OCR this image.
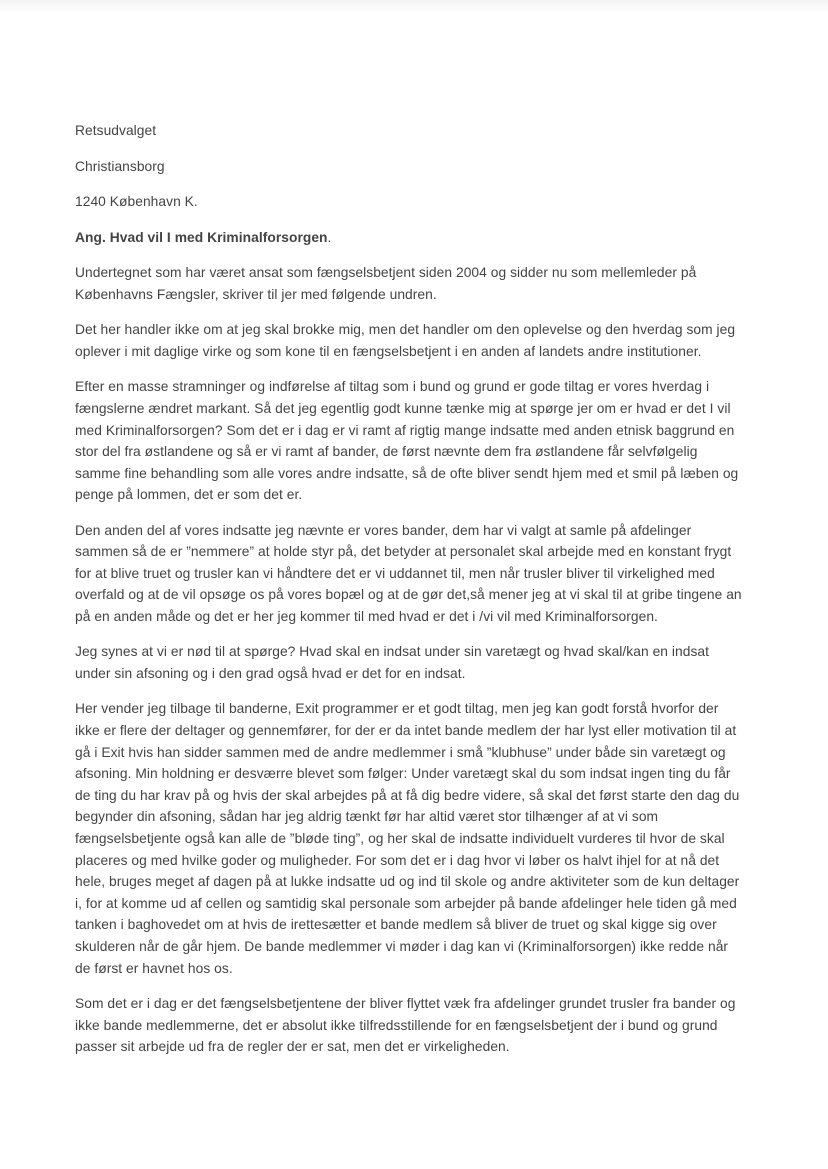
Retsudvalget
Christiansborg
1240 København K.
Ang. Hvad vil I med Kriminalforsorgen.
Undertegnet som har været ansat som fængselsbetjent siden 2004 og sidder nu som mellemleder på Københavns Fængsler, skriver til jer med følgende undren.
Det her handler ikke om at jeg skal brokke mig, men det handler om den oplevelse og den hverdag som jeg oplever i mit daglige virke og som kone til en fængselsbetjent i en anden af landets andre institutioner.
Efter en masse stramninger og indførelse af tiltag som i bund og grund er gode tiltag er vores hverdag i fængslerne ændret markant. Så det jeg egentlig godt kunne tænke mig at spørge jer om er hvad er det I vil med Kriminalforsorgen? Som det er i dag er vi ramt af rigtig mange indsatte med anden etnisk baggrund en stor del fra østlandene og så er vi ramt af bander, de først nævnte dem fra østlandene får selvfølgelig samme fine behandling som alle vores andre indsatte, så de ofte bliver sendt hjem med et smil på læben og penge på lommen, det er som det er.
Den anden del af vores indsatte jeg nævnte er vores bander, dem har vi valgt at samle på afdelinger sammen så de er ”nemmere” at holde styr på, det betyder at personalet skal arbejde med en konstant frygt for at blive truet og trusler kan vi håndtere det er vi uddannet til, men når trusler bliver til virkelighed med overfald og at de vil opsøge os på vores bopæl og at de gør det,så mener jeg at vi skal til at gribe tingene an på en anden måde og det er her jeg kommer til med hvad er det i /vi vil med Kriminalforsorgen.
Jeg synes at vi er nød til at spørge? Hvad skal en indsat under sin varetægt og hvad skal/kan en indsat under sin afsoning og i den grad også hvad er det for en indsat.
Her vender jeg tilbage til banderne, Exit programmer er et godt tiltag, men jeg kan godt forstå hvorfor der ikke er flere der deltager og gennemfører, for der er da intet bande medlem der har lyst eller motivation til at gå i Exit hvis han sidder sammen med de andre medlemmer i små ”klubhuse” under både sin varetægt og afsoning. Min holdning er desværre blevet som følger: Under varetægt skal du som indsat ingen ting du får de ting du har krav på og hvis der skal arbejdes på at få dig bedre videre, så skal det først starte den dag du begynder din afsoning, sådan har jeg aldrig tænkt før har altid været stor tilhænger af at vi som fængselsbetjente også kan alle de ”bløde ting”, og her skal de indsatte individuelt vurderes til hvor de skal placeres og med hvilke goder og muligheder. For som det er i dag hvor vi løber os halvt ihjel for at nå det hele, bruges meget af dagen på at lukke indsatte ud og ind til skole og andre aktiviteter som de kun deltager i, for at komme ud af cellen og samtidig skal personale som arbejder på bande afdelinger hele tiden gå med tanken i baghovedet om at hvis de irettesætter et bande medlem så bliver de truet og skal kigge sig over skulderen når de går hjem. De bande medlemmer vi møder i dag kan vi (Kriminalforsorgen) ikke redde når de først er havnet hos os.
Som det er i dag er det fængselsbetjentene der bliver flyttet væk fra afdelinger grundet trusler fra bander og ikke bande medlemmerne, det er absolut ikke tilfredsstillende for en fængselsbetjent der i bund og grund passer sit arbejde ud fra de regler der er sat, men det er virkeligheden.
